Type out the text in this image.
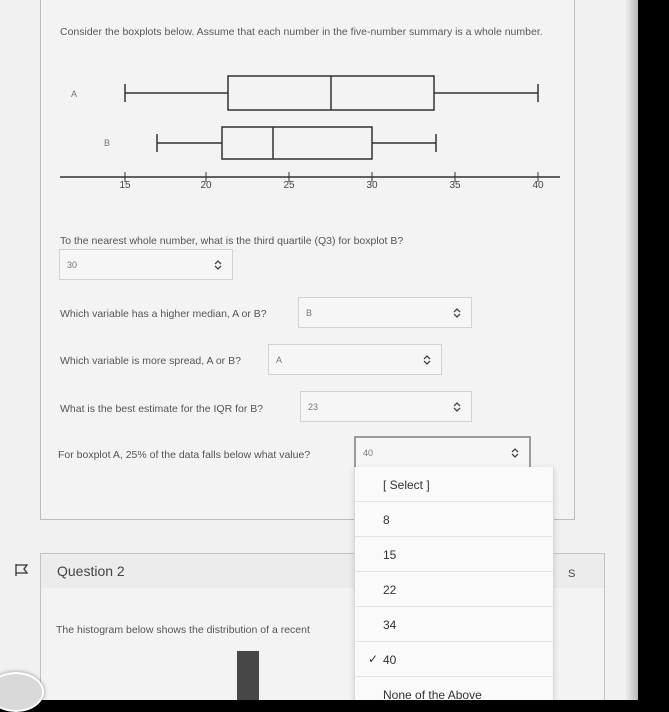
Consider the boxplots below. Assume that each number in the five-number summary is a whole number.
A
B
15	20	25	30	35	40
To the nearest whole number, what is the third quartile (Q3) for boxplot B?
30
Which variable has a higher median, A or B?	B
Which variable is more spread, A or B?	A
What is the best estimate for the IQR for B?	23
For boxplot A, 25% of the data falls below what value?	40
Question 2	S
The histogram below shows the distribution of a recent
[ Select ]
8
15
22
34
✓ 40
None of the Above
